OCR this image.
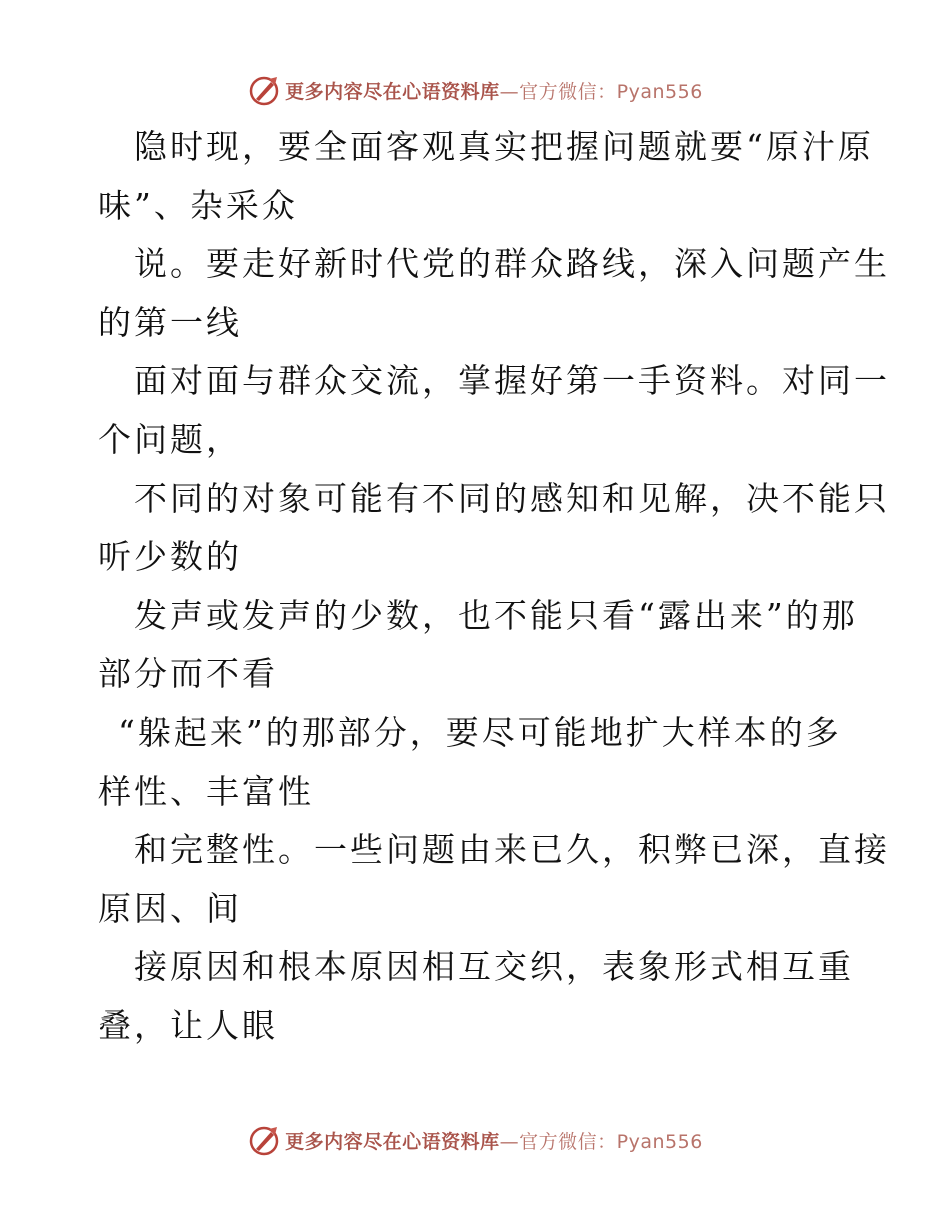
更多内容尽在心语资料库—官方微信：Pyan556
隐时现，要全面客观真实把握问题就要“原汁原
味”、杂采众
说。要走好新时代党的群众路线，深入问题产生
的第一线
面对面与群众交流，掌握好第一手资料。对同一
个问题，
不同的对象可能有不同的感知和见解，决不能只
听少数的
发声或发声的少数，也不能只看“露出来”的那
部分而不看
“躲起来”的那部分，要尽可能地扩大样本的多
样性、丰富性
和完整性。一些问题由来已久，积弊已深，直接
原因、间
接原因和根本原因相互交织，表象形式相互重
叠，让人眼
更多内容尽在心语资料库—官方微信：Pyan556
